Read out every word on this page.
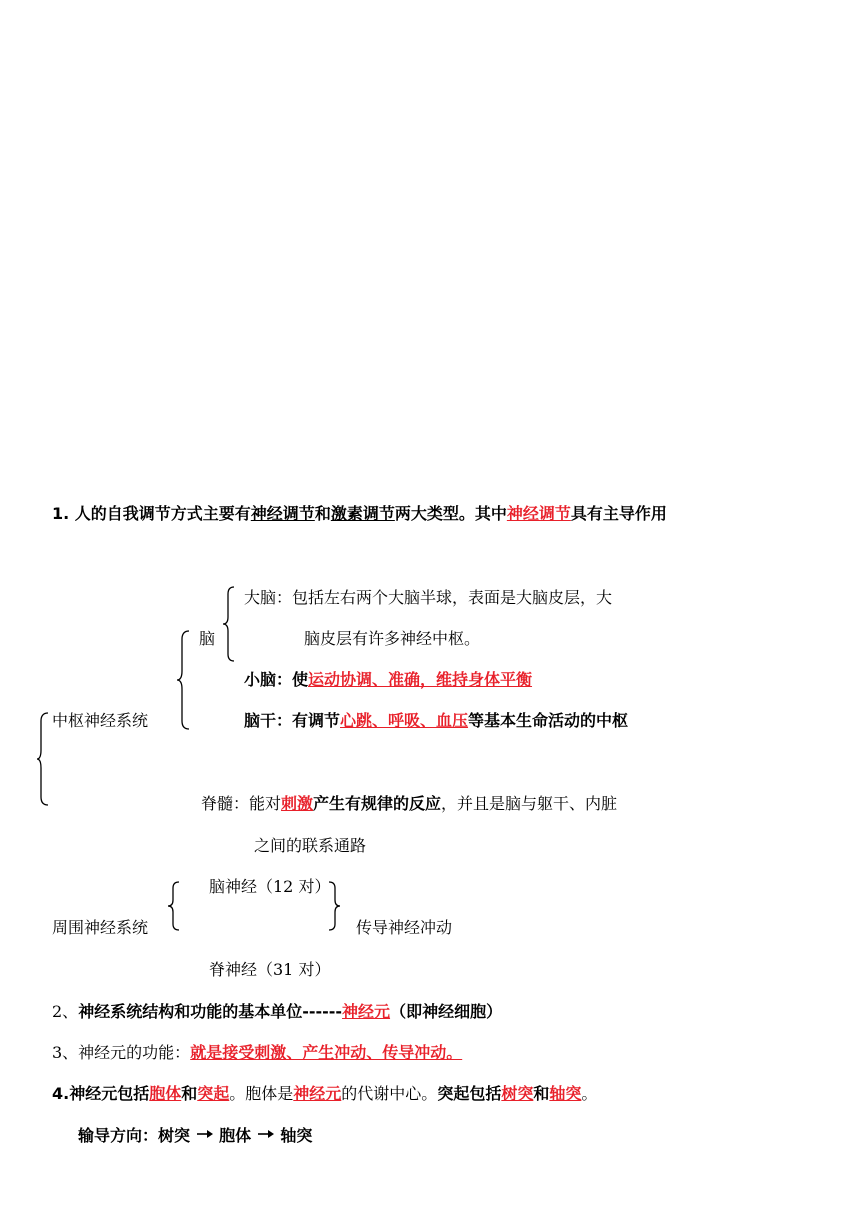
1. 人的自我调节方式主要有神经调节和激素调节两大类型。其中神经调节具有主导作用
大脑：包括左右两个大脑半球，表面是大脑皮层，大
脑	脑皮层有许多神经中枢。
小脑：使运动协调、准确，维持身体平衡
中枢神经系统	脑干：有调节心跳、呼吸、血压等基本生命活动的中枢
脊髓：能对刺激产生有规律的反应，并且是脑与躯干、内脏
之间的联系通路
脑神经（12 对）
周围神经系统	传导神经冲动
脊神经（31 对）
2、神经系统结构和功能的基本单位------神经元（即神经细胞）
3、神经元的功能：就是接受刺激、产生冲动、传导冲动。
4.神经元包括胞体和突起。胞体是神经元的代谢中心。突起包括树突和轴突。
输导方向：树突 胞体 轴突
